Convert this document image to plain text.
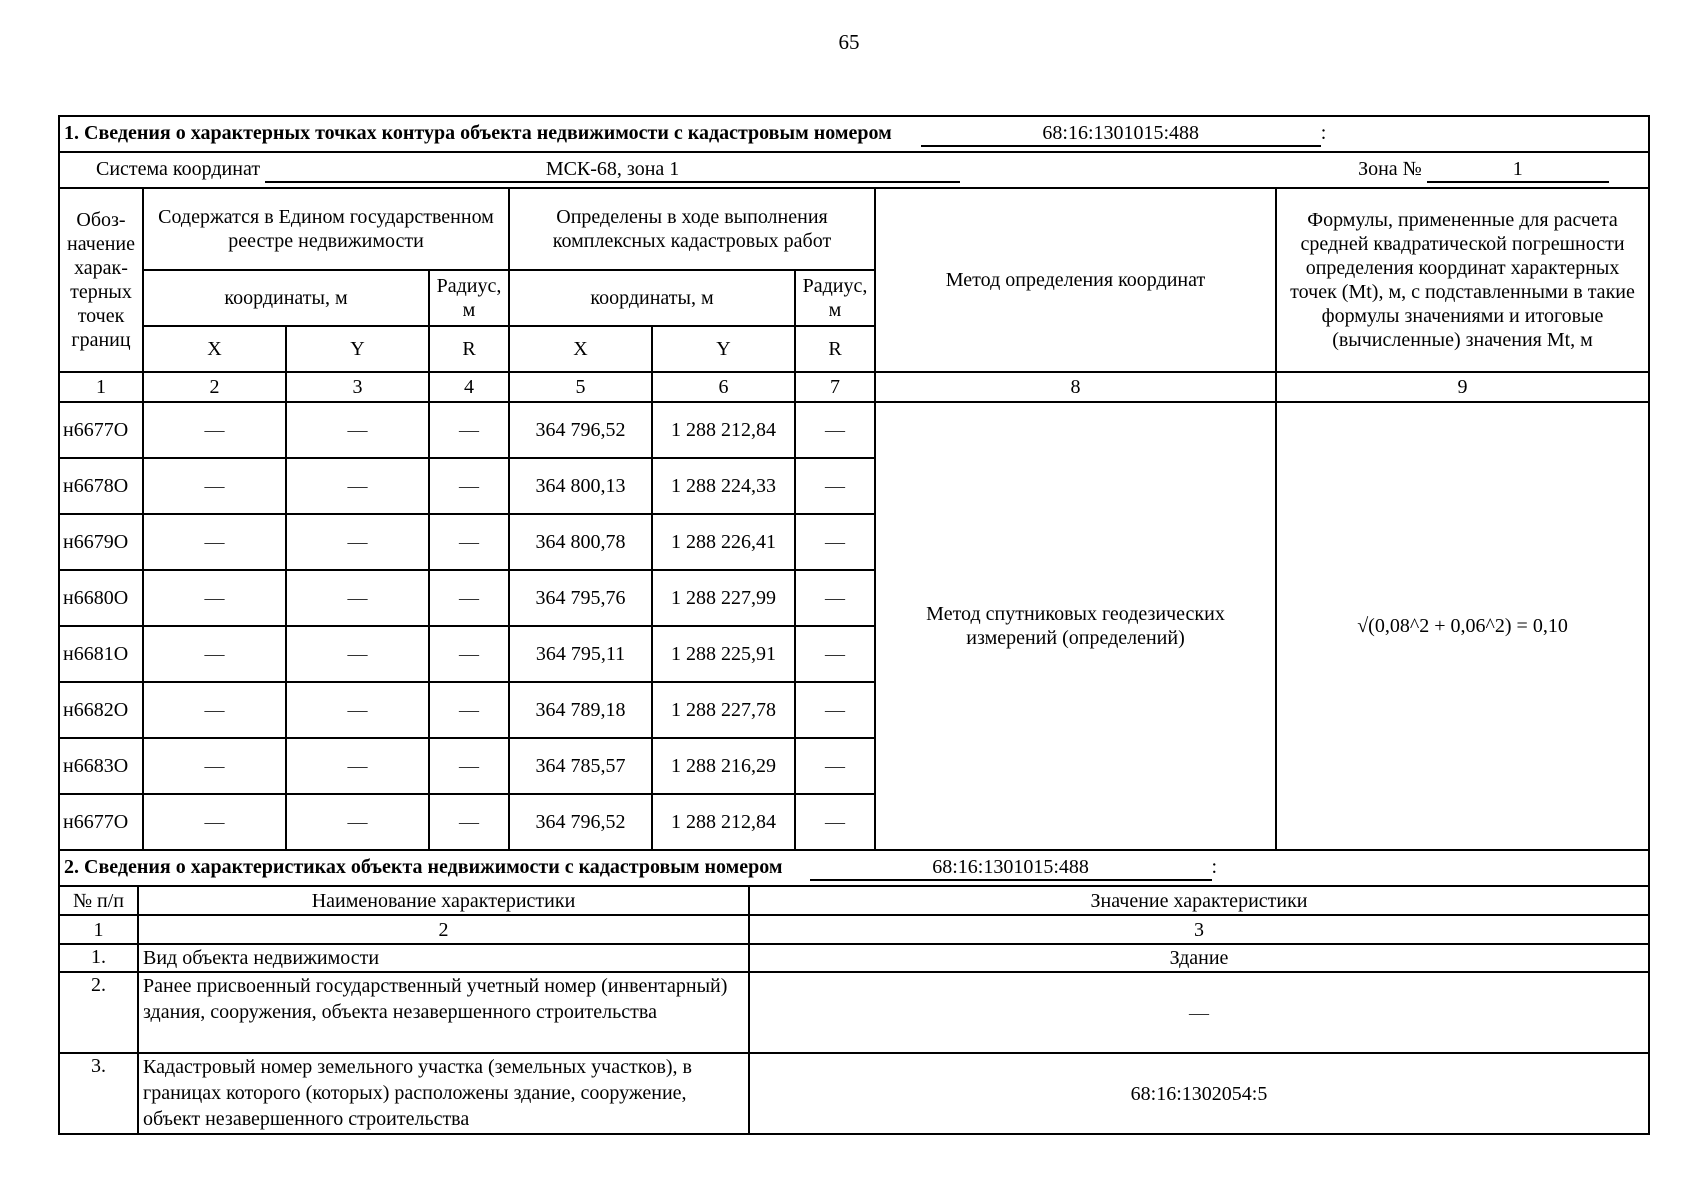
65
1. Сведения о характерных точках контура объекта недвижимости с кадастровым номером 68:16:1301015:488 :								
Система координат МСК-68, зона 1 Зона № 1								
Обоз-начение харак-терных точек границ	Содержатся в Едином государственном реестре недвижимости			Определены в ходе выполнения комплексных кадастровых работ			Метод определения координат	Формулы, примененные для расчета средней квадратической погрешности определения координат характерных точек (Mt), м, с подставленными в такие формулы значениями и итоговые (вычисленные) значения Mt, м
	координаты, м		Радиус, м	координаты, м		Радиус, м		
	X	Y	R	X	Y	R		
1	2	3	4	5	6	7	8	9
н6677О	—	—	—	364 796,52	1 288 212,84	—	Метод спутниковых геодезических измерений (определений)	√(0,08^2 + 0,06^2) = 0,10
н6678О	—	—	—	364 800,13	1 288 224,33	—		
н6679О	—	—	—	364 800,78	1 288 226,41	—		
н6680О	—	—	—	364 795,76	1 288 227,99	—		
н6681О	—	—	—	364 795,11	1 288 225,91	—		
н6682О	—	—	—	364 789,18	1 288 227,78	—		
н6683О	—	—	—	364 785,57	1 288 216,29	—		
н6677О	—	—	—	364 796,52	1 288 212,84	—		
2. Сведения о характеристиках объекта недвижимости с кадастровым номером 68:16:1301015:488 :		
№ п/п	Наименование характеристики	Значение характеристики
1	2	3
1.	Вид объекта недвижимости	Здание
2.	Ранее присвоенный государственный учетный номер (инвентарный) здания, сооружения, объекта незавершенного строительства	—
3.	Кадастровый номер земельного участка (земельных участков), в границах которого (которых) расположены здание, сооружение, объект незавершенного строительства	68:16:1302054:5
